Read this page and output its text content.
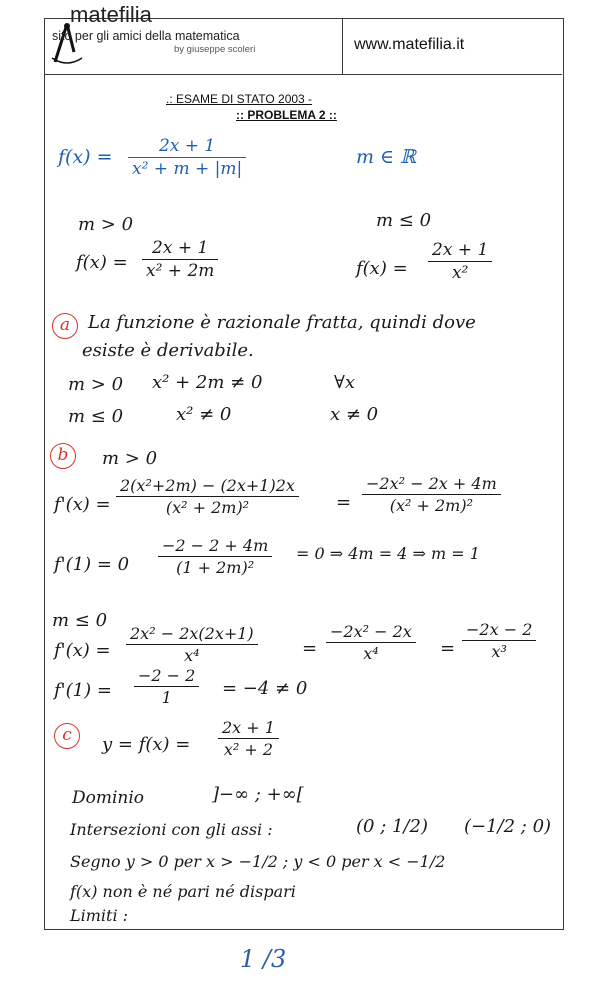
matefilia
sito per gli amici della matematica
by giuseppe scoleri	www.matefilia.it
.: ESAME DI STATO 2003 -
:: PROBLEMA 2 ::
f(x) =	2x + 1
x² + m + |m|
m ∈ ℝ
m > 0
f(x) =
2x + 1
x² + 2m
m ≤ 0
f(x) =
2x + 1
x²
a La funzione è razionale fratta, quindi dove
esiste è derivabile.
m > 0 x² + 2m ≠ 0	∀x
m ≤ 0	x² ≠ 0	x ≠ 0
b	m > 0
f'(x) =
2(x²+2m) − (2x+1)2x
(x² + 2m)²	=
−2x² − 2x + 4m
(x² + 2m)²
f'(1) = 0
−2 − 2 + 4m
(1 + 2m)²
= 0 ⇒ 4m = 4 ⇒ m = 1
m ≤ 0
f'(x) =
2x² − 2x(2x+1)
x⁴	=
−2x² − 2x
x⁴	=
−2x − 2
x³
f'(1) =
−2 − 2
1	= −4 ≠ 0
c	y = f(x) =
2x + 1
x² + 2
Dominio	]−∞ ; +∞[
Intersezioni con gli assi :	(0 ; 1/2) (−1/2 ; 0)
Segno y > 0 per x > −1/2 ; y < 0 per x < −1/2
f(x) non è né pari né dispari
Limiti :
1 /3
